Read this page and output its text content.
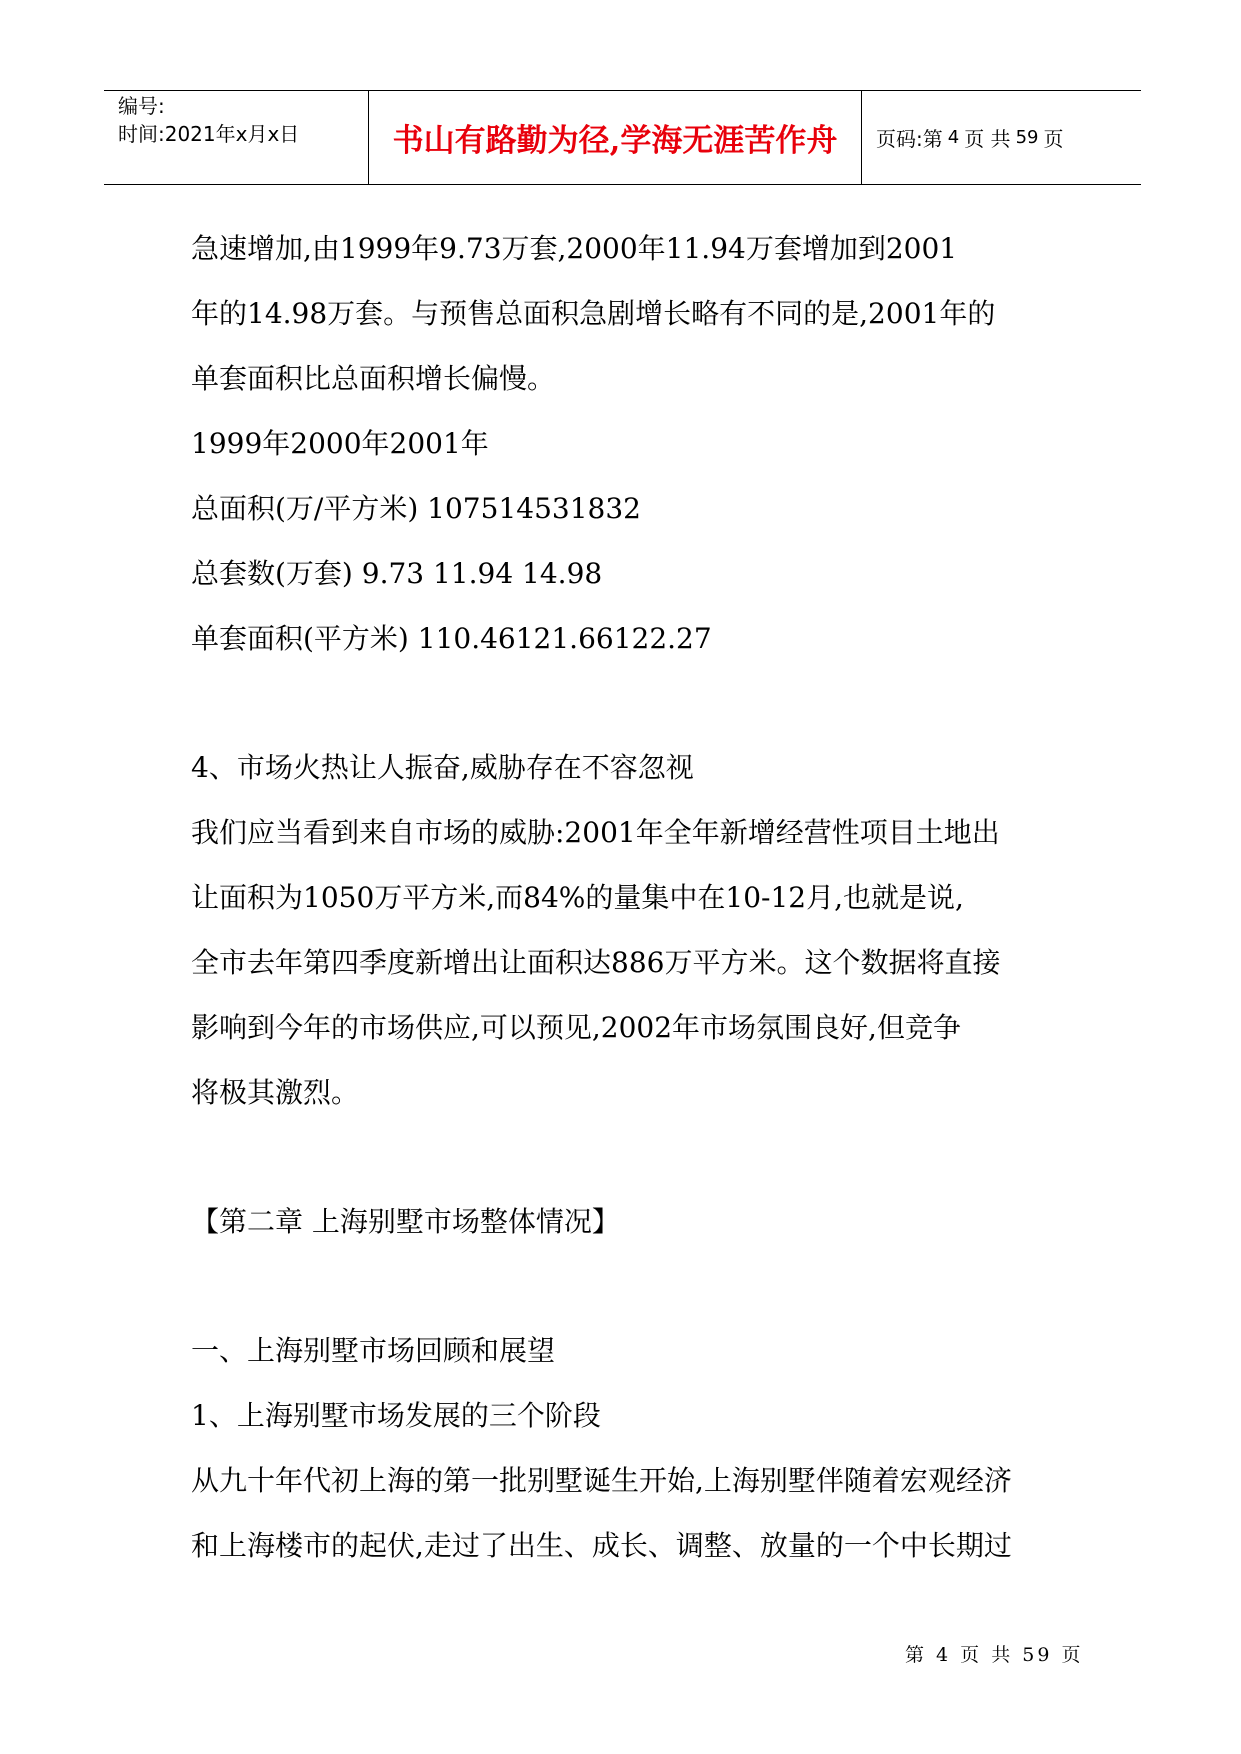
编号:
时间:2021年x月x日	书山有路勤为径,学海无涯苦作舟	页码:第 4 页 共 59 页
急速增加,由1999年9.73万套,2000年11.94万套增加到2001
年的14.98万套。与预售总面积急剧增长略有不同的是,2001年的
单套面积比总面积增长偏慢。
1999年2000年2001年
总面积(万/平方米) 107514531832
总套数(万套) 9.73 11.94 14.98
单套面积(平方米) 110.46121.66122.27
4、市场火热让人振奋,威胁存在不容忽视
我们应当看到来自市场的威胁:2001年全年新增经营性项目土地出
让面积为1050万平方米,而84%的量集中在10-12月,也就是说,
全市去年第四季度新增出让面积达886万平方米。这个数据将直接
影响到今年的市场供应,可以预见,2002年市场氛围良好,但竞争
将极其激烈。
【第二章 上海别墅市场整体情况】
一、上海别墅市场回顾和展望
1、上海别墅市场发展的三个阶段
从九十年代初上海的第一批别墅诞生开始,上海别墅伴随着宏观经济
和上海楼市的起伏,走过了出生、成长、调整、放量的一个中长期过
第 4 页 共 59 页
